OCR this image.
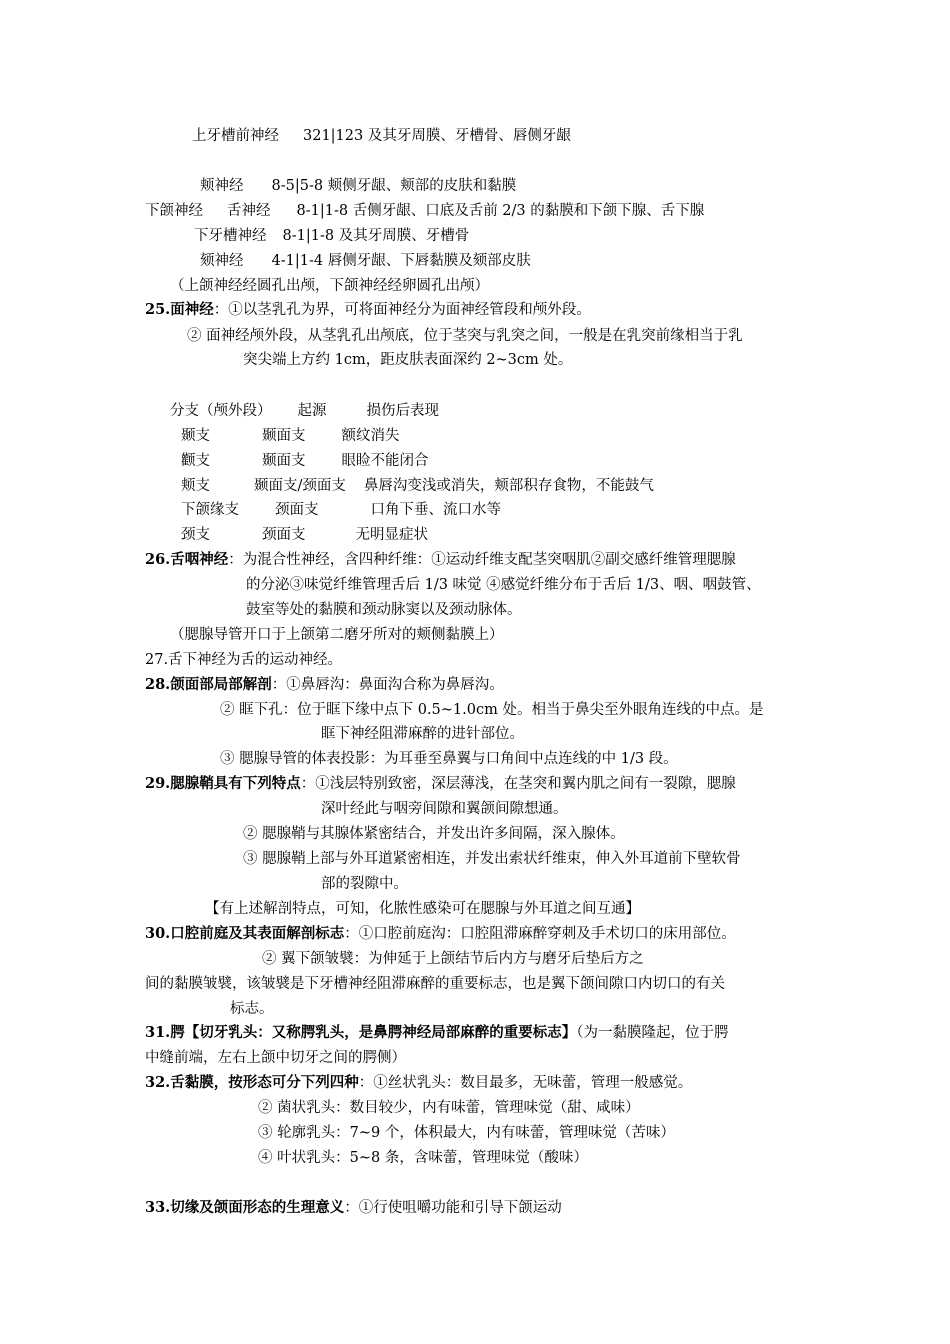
上牙槽前神经 321|123 及其牙周膜、牙槽骨、唇侧牙龈
颊神经 8-5|5-8 颊侧牙龈、颊部的皮肤和黏膜
下颌神经 舌神经 8-1|1-8 舌侧牙龈、口底及舌前 2/3 的黏膜和下颌下腺、舌下腺
下牙槽神经 8-1|1-8 及其牙周膜、牙槽骨
颏神经 4-1|1-4 唇侧牙龈、下唇黏膜及颏部皮肤
（上颌神经经圆孔出颅，下颌神经经卵圆孔出颅）
25.面神经：①以茎乳孔为界，可将面神经分为面神经管段和颅外段。
② 面神经颅外段，从茎乳孔出颅底，位于茎突与乳突之间，一般是在乳突前缘相当于乳
突尖端上方约 1cm，距皮肤表面深约 2~3cm 处。
分支（颅外段） 起源	损伤后表现
颞支	颞面支 额纹消失
颧支	颞面支 眼睑不能闭合
颊支	颞面支/颈面支 鼻唇沟变浅或消失，颊部积存食物，不能鼓气
下颌缘支 颈面支	口角下垂、流口水等
颈支	颈面支	无明显症状
26.舌咽神经：为混合性神经，含四种纤维：①运动纤维支配茎突咽肌②副交感纤维管理腮腺
的分泌③味觉纤维管理舌后 1/3 味觉 ④感觉纤维分布于舌后 1/3、咽、咽鼓管、
鼓室等处的黏膜和颈动脉窦以及颈动脉体。
（腮腺导管开口于上颌第二磨牙所对的颊侧黏膜上）
27.舌下神经为舌的运动神经。
28.颌面部局部解剖：①鼻唇沟：鼻面沟合称为鼻唇沟。
② 眶下孔：位于眶下缘中点下 0.5~1.0cm 处。相当于鼻尖至外眼角连线的中点。是
眶下神经阻滞麻醉的进针部位。
③ 腮腺导管的体表投影：为耳垂至鼻翼与口角间中点连线的中 1/3 段。
29.腮腺鞘具有下列特点：①浅层特别致密，深层薄浅，在茎突和翼内肌之间有一裂隙，腮腺
深叶经此与咽旁间隙和翼颌间隙想通。
② 腮腺鞘与其腺体紧密结合，并发出许多间隔，深入腺体。
③ 腮腺鞘上部与外耳道紧密相连，并发出索状纤维束，伸入外耳道前下壁软骨
部的裂隙中。
【有上述解剖特点，可知，化脓性感染可在腮腺与外耳道之间互通】
30.口腔前庭及其表面解剖标志：①口腔前庭沟：口腔阻滞麻醉穿刺及手术切口的床用部位。
② 翼下颌皱襞：为伸延于上颌结节后内方与磨牙后垫后方之
间的黏膜皱襞，该皱襞是下牙槽神经阻滞麻醉的重要标志，也是翼下颌间隙口内切口的有关
标志。
31.腭【切牙乳头：又称腭乳头，是鼻腭神经局部麻醉的重要标志】（为一黏膜隆起，位于腭
中缝前端，左右上颌中切牙之间的腭侧）
32.舌黏膜，按形态可分下列四种：①丝状乳头：数目最多，无味蕾，管理一般感觉。
② 菌状乳头：数目较少，内有味蕾，管理味觉（甜、咸味）
③ 轮廓乳头：7~9 个，体积最大，内有味蕾，管理味觉（苦味）
④ 叶状乳头：5~8 条，含味蕾，管理味觉（酸味）
33.切缘及颌面形态的生理意义：①行使咀嚼功能和引导下颌运动
